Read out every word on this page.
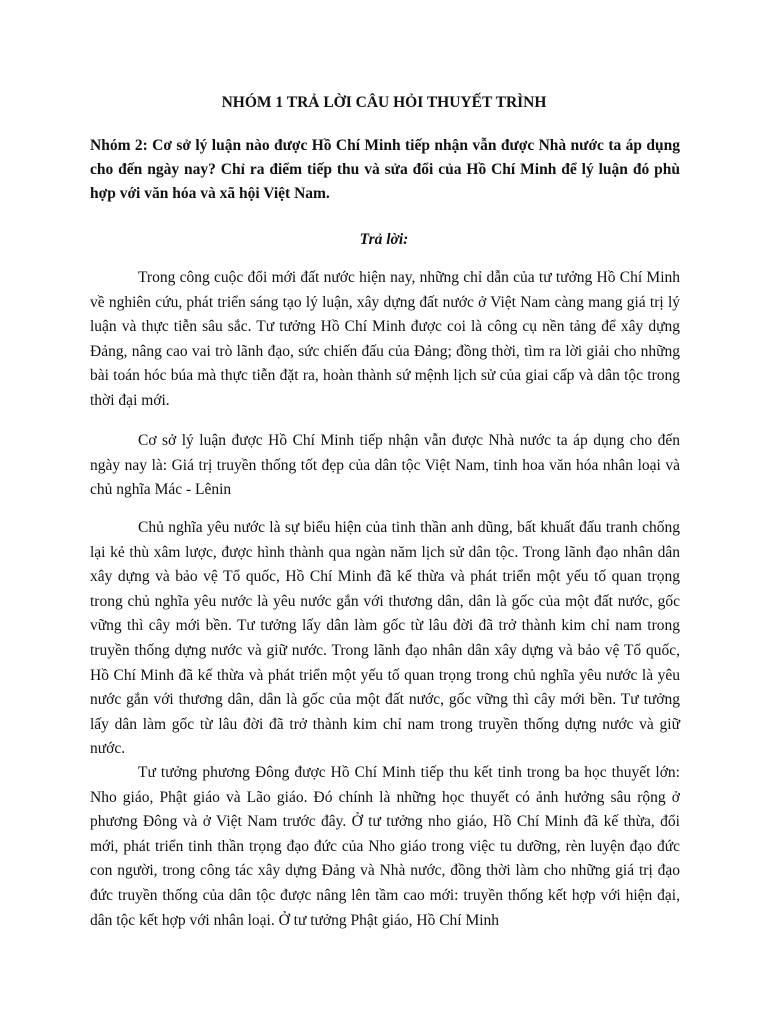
NHÓM 1 TRẢ LỜI CÂU HỎI THUYẾT TRÌNH

Nhóm 2: Cơ sở lý luận nào được Hồ Chí Minh tiếp nhận vẫn được Nhà nước ta áp dụng cho đến ngày nay? Chỉ ra điểm tiếp thu và sửa đổi của Hồ Chí Minh để lý luận đó phù hợp với văn hóa và xã hội Việt Nam.

Trả lời:

Trong công cuộc đổi mới đất nước hiện nay, những chỉ dẫn của tư tưởng Hồ Chí Minh về nghiên cứu, phát triển sáng tạo lý luận, xây dựng đất nước ở Việt Nam càng mang giá trị lý luận và thực tiễn sâu sắc. Tư tưởng Hồ Chí Minh được coi là công cụ nền tảng để xây dựng Đảng, nâng cao vai trò lãnh đạo, sức chiến đấu của Đảng; đồng thời, tìm ra lời giải cho những bài toán hóc búa mà thực tiễn đặt ra, hoàn thành sứ mệnh lịch sử của giai cấp và dân tộc trong thời đại mới.

Cơ sở lý luận được Hồ Chí Minh tiếp nhận vẫn được Nhà nước ta áp dụng cho đến ngày nay là: Giá trị truyền thống tốt đẹp của dân tộc Việt Nam, tinh hoa văn hóa nhân loại và chủ nghĩa Mác - Lênin

Chủ nghĩa yêu nước là sự biểu hiện của tinh thần anh dũng, bất khuất đấu tranh chống lại kẻ thù xâm lược, được hình thành qua ngàn năm lịch sử dân tộc. Trong lãnh đạo nhân dân xây dựng và bảo vệ Tổ quốc, Hồ Chí Minh đã kế thừa và phát triển một yếu tố quan trọng trong chủ nghĩa yêu nước là yêu nước gắn với thương dân, dân là gốc của một đất nước, gốc vững thì cây mới bền. Tư tưởng lấy dân làm gốc từ lâu đời đã trở thành kim chỉ nam trong truyền thống dựng nước và giữ nước. Trong lãnh đạo nhân dân xây dựng và bảo vệ Tổ quốc, Hồ Chí Minh đã kế thừa và phát triển một yếu tố quan trọng trong chủ nghĩa yêu nước là yêu nước gắn với thương dân, dân là gốc của một đất nước, gốc vững thì cây mới bền. Tư tưởng lấy dân làm gốc từ lâu đời đã trở thành kim chỉ nam trong truyền thống dựng nước và giữ nước.

Tư tưởng phương Đông được Hồ Chí Minh tiếp thu kết tinh trong ba học thuyết lớn: Nho giáo, Phật giáo và Lão giáo. Đó chính là những học thuyết có ảnh hưởng sâu rộng ở phương Đông và ở Việt Nam trước đây. Ở tư tưởng nho giáo, Hồ Chí Minh đã kế thừa, đổi mới, phát triển tinh thần trọng đạo đức của Nho giáo trong việc tu dưỡng, rèn luyện đạo đức con người, trong công tác xây dựng Đảng và Nhà nước, đồng thời làm cho những giá trị đạo đức truyền thống của dân tộc được nâng lên tầm cao mới: truyền thống kết hợp với hiện đại, dân tộc kết hợp với nhân loại. Ở tư tưởng Phật giáo, Hồ Chí Minh
